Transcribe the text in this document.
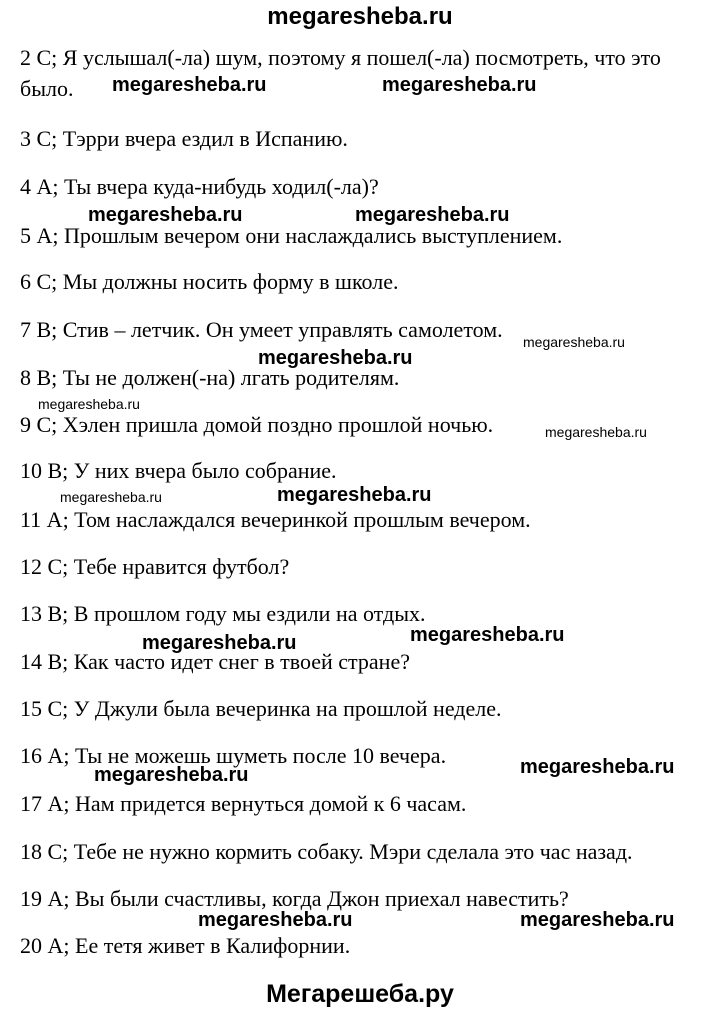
megaresheba.ru
2 С; Я услышал(-ла) шум, поэтому я пошел(-ла) посмотреть, что это было.
3 С; Тэрри вчера ездил в Испанию.
4 А; Ты вчера куда-нибудь ходил(-ла)?
5 А; Прошлым вечером они наслаждались выступлением.
6 С; Мы должны носить форму в школе.
7 В; Стив – летчик. Он умеет управлять самолетом.
8 В; Ты не должен(-на) лгать родителям.
9 С; Хэлен пришла домой поздно прошлой ночью.
10 В; У них вчера было собрание.
11 А; Том наслаждался вечеринкой прошлым вечером.
12 С; Тебе нравится футбол?
13 В; В прошлом году мы ездили на отдых.
14 В; Как часто идет снег в твоей стране?
15 С; У Джули была вечеринка на прошлой неделе.
16 А; Ты не можешь шуметь после 10 вечера.
17 А; Нам придется вернуться домой к 6 часам.
18 С; Тебе не нужно кормить собаку. Мэри сделала это час назад.
19 А; Вы были счастливы, когда Джон приехал навестить?
20 А; Ее тетя живет в Калифорнии.
megaresheba.ru	megaresheba.ru
megaresheba.ru	megaresheba.ru
megaresheba.ru
megaresheba.ru
megaresheba.ru
megaresheba.ru
megaresheba.ru	megaresheba.ru
megaresheba.ru	megaresheba.ru
megaresheba.ru	megaresheba.ru
megaresheba.ru	megaresheba.ru
Мегарешеба.ру
